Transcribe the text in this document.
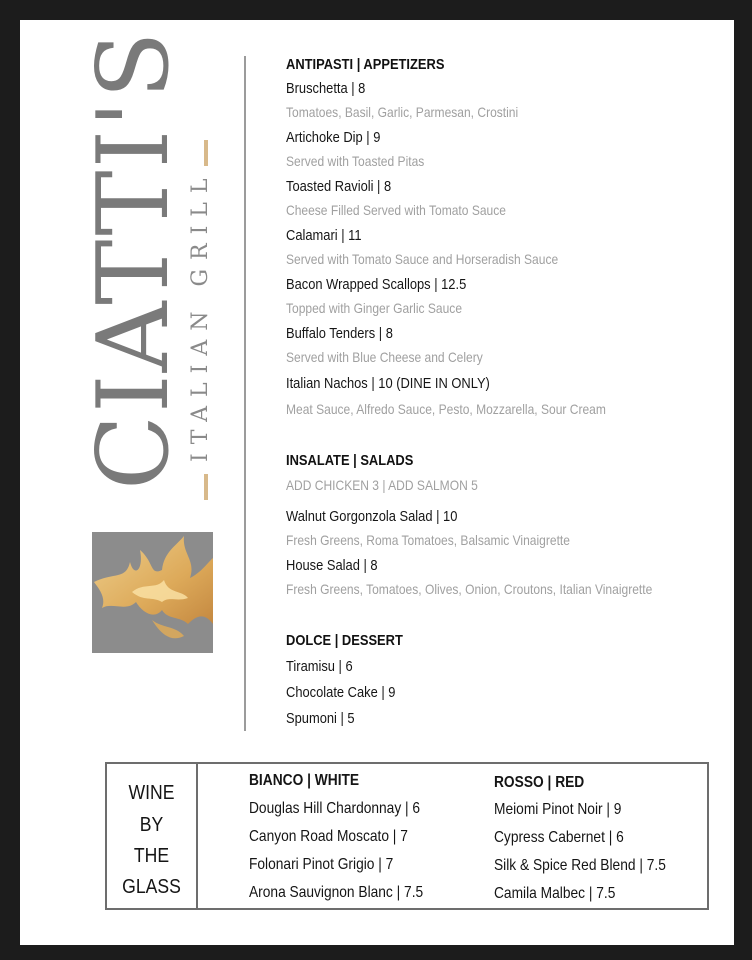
CIATTI'S
ITALIAN GRILL
ANTIPASTI | APPETIZERS
Bruschetta | 8
Tomatoes, Basil, Garlic, Parmesan, Crostini
Artichoke Dip | 9
Served with Toasted Pitas
Toasted Ravioli | 8
Cheese Filled Served with Tomato Sauce
Calamari | 11
Served with Tomato Sauce and Horseradish Sauce
Bacon Wrapped Scallops | 12.5
Topped with Ginger Garlic Sauce
Buffalo Tenders | 8
Served with Blue Cheese and Celery
Italian Nachos | 10 (DINE IN ONLY)
Meat Sauce, Alfredo Sauce, Pesto, Mozzarella, Sour Cream
INSALATE | SALADS
ADD CHICKEN 3 | ADD SALMON 5
Walnut Gorgonzola Salad | 10
Fresh Greens, Roma Tomatoes, Balsamic Vinaigrette
House Salad | 8
Fresh Greens, Tomatoes, Olives, Onion, Croutons, Italian Vinaigrette
DOLCE | DESSERT
Tiramisu | 6
Chocolate Cake | 9
Spumoni | 5
WINE
BY
THE
GLASS
BIANCO | WHITE
Douglas Hill Chardonnay | 6
Canyon Road Moscato | 7
Folonari Pinot Grigio | 7
Arona Sauvignon Blanc | 7.5
ROSSO | RED
Meiomi Pinot Noir | 9
Cypress Cabernet | 6
Silk & Spice Red Blend | 7.5
Camila Malbec | 7.5
